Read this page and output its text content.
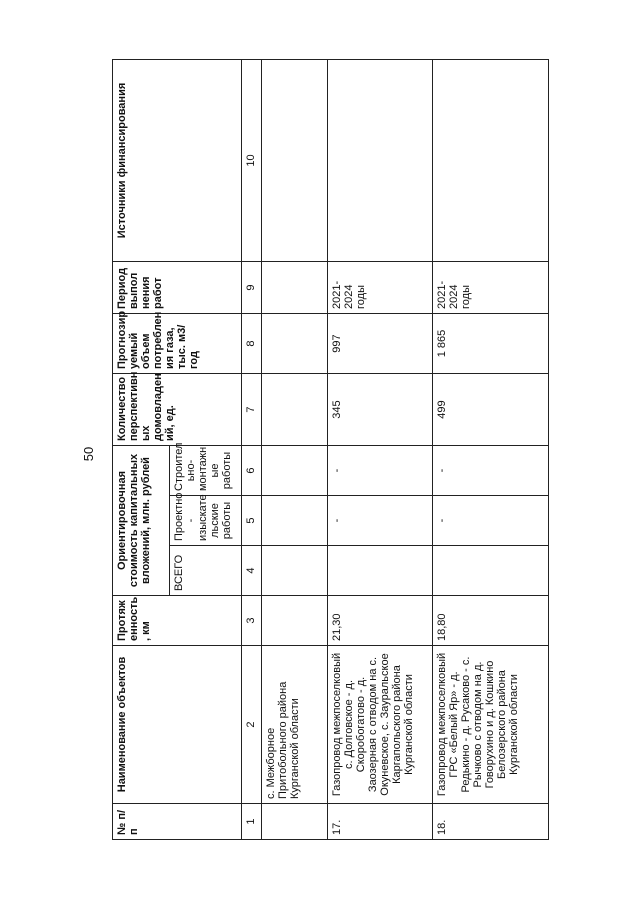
50
№ п/п	Наименование объектов	Протяж енность , км	Ориентировочная стоимость капитальных вложений, млн. рублей			Количество перспективн ых домовладен ий, ед.	Прогнозир уемый объем потреблен ия газа, тыс. м3/год	Период выпол нения работ	Источники финансирования
			ВСЕГО	Проектно - изыскате льские работы	Строител ьно- монтажн ые работы				
1	2	3	4	5	6	7	8	9	10
	с. Межборное Притобольного района Курганской области								
17.	Газопровод межпоселковый с. Долговское - д. Скоробогатово - д. Заозерная с отводом на с. Окуневское, с. Зауральское Каргапольского района Курганской области	21,30		-	-	345	997	2021-2024 годы	
18.	Газопровод межпоселковый ГРС «Белый Яр» - д. Редькино - д. Русаково - с. Рычково с отводом на д. Говорухино и д. Кошкино Белозерского района Курганской области	18,80		-	-	499	1 865	2021-2024 годы	
